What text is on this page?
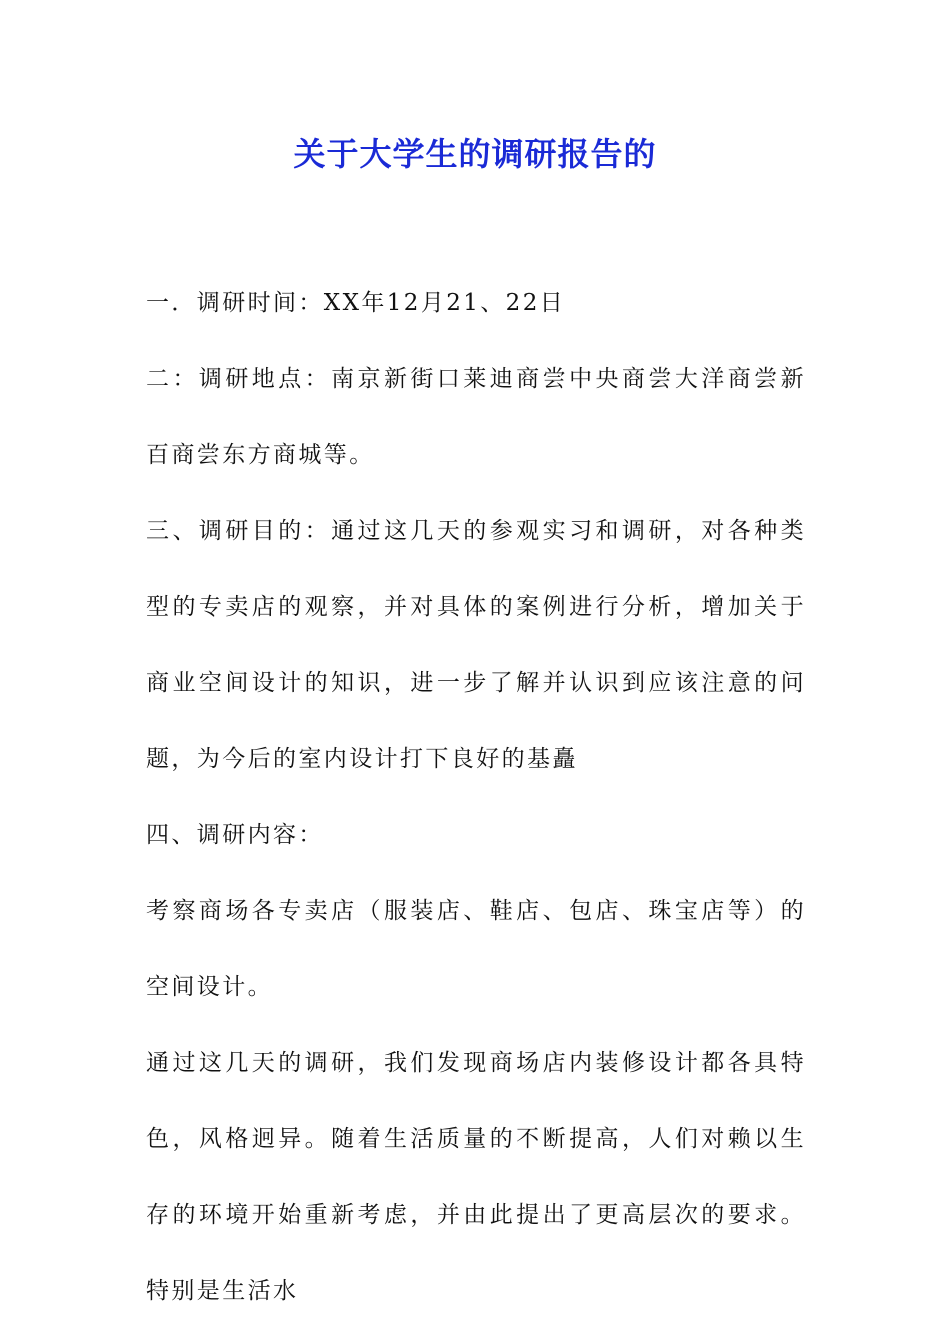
关于大学生的调研报告的

一．调研时间：XX年12月21、22日

二：调研地点：南京新街口莱迪商尝中央商尝大洋商尝新百商尝东方商城等。

三、调研目的：通过这几天的参观实习和调研，对各种类型的专卖店的观察，并对具体的案例进行分析，增加关于商业空间设计的知识，进一步了解并认识到应该注意的问题，为今后的室内设计打下良好的基矗

四、调研内容：

考察商场各专卖店（服装店、鞋店、包店、珠宝店等）的空间设计。

通过这几天的调研，我们发现商场店内装修设计都各具特色，风格迥异。随着生活质量的不断提高，人们对赖以生存的环境开始重新考虑，并由此提出了更高层次的要求。特别是生活水
